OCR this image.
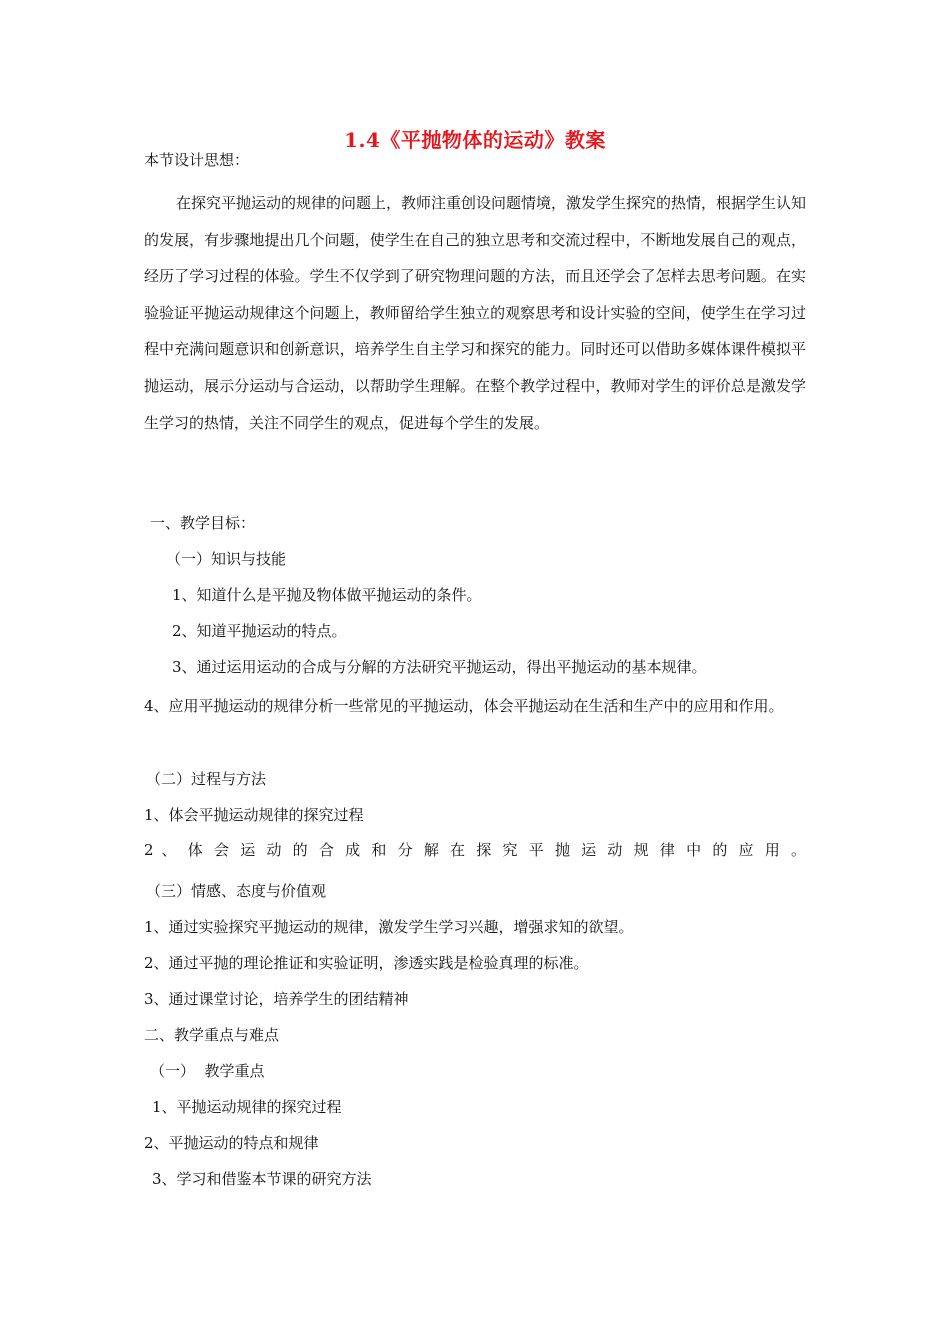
1.4《平抛物体的运动》教案
本节设计思想：
在探究平抛运动的规律的问题上，教师注重创设问题情境，激发学生探究的热情，根据学生认知的发展，有步骤地提出几个问题，使学生在自己的独立思考和交流过程中，不断地发展自己的观点，经历了学习过程的体验。学生不仅学到了研究物理问题的方法，而且还学会了怎样去思考问题。在实验验证平抛运动规律这个问题上，教师留给学生独立的观察思考和设计实验的空间，使学生在学习过程中充满问题意识和创新意识，培养学生自主学习和探究的能力。同时还可以借助多媒体课件模拟平抛运动，展示分运动与合运动，以帮助学生理解。在整个教学过程中，教师对学生的评价总是激发学生学习的热情，关注不同学生的观点，促进每个学生的发展。
一、教学目标：
（一）知识与技能
1、知道什么是平抛及物体做平抛运动的条件。
2、知道平抛运动的特点。
3、通过运用运动的合成与分解的方法研究平抛运动，得出平抛运动的基本规律。
4、应用平抛运动的规律分析一些常见的平抛运动，体会平抛运动在生活和生产中的应用和作用。
（二）过程与方法
1、体会平抛运动规律的探究过程
2 、 体 会 运 动 的 合 成 和 分 解 在 探 究 平 抛 运 动 规 律 中 的 应 用 。
（三）情感、态度与价值观
1、通过实验探究平抛运动的规律，激发学生学习兴趣，增强求知的欲望。
2、通过平抛的理论推证和实验证明，渗透实践是检验真理的标准。
3、通过课堂讨论，培养学生的团结精神
二、教学重点与难点
（一）  教学重点
1、平抛运动规律的探究过程
2、平抛运动的特点和规律
3、学习和借鉴本节课的研究方法
